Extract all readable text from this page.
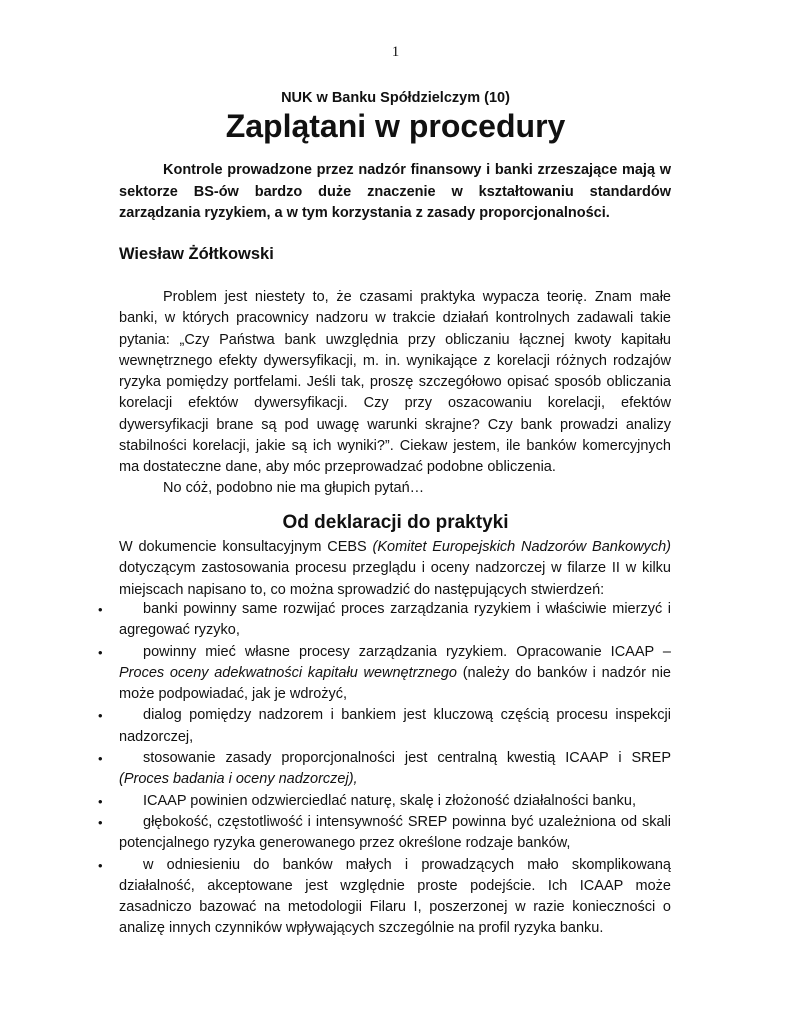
1
NUK w Banku Spółdzielczym (10)
Zaplątani w procedury

Kontrole prowadzone przez nadzór finansowy i banki zrzeszające mają w sektorze BS-ów bardzo duże znaczenie w kształtowaniu standardów zarządzania ryzykiem, a w tym korzystania z zasady proporcjonalności.

Wiesław Żółtkowski

Problem jest niestety to, że czasami praktyka wypacza teorię. Znam małe banki, w których pracownicy nadzoru w trakcie działań kontrolnych zadawali takie pytania: „Czy Państwa bank uwzględnia przy obliczaniu łącznej kwoty kapitału wewnętrznego efekty dywersyfikacji, m. in. wynikające z korelacji różnych rodzajów ryzyka pomiędzy portfelami. Jeśli tak, proszę szczegółowo opisać sposób obliczania korelacji efektów dywersyfikacji. Czy przy oszacowaniu korelacji, efektów dywersyfikacji brane są pod uwagę warunki skrajne? Czy bank prowadzi analizy stabilności korelacji, jakie są ich wyniki?”. Ciekaw jestem, ile banków komercyjnych ma dostateczne dane, aby móc przeprowadzać podobne obliczenia.

No cóż, podobno nie ma głupich pytań…

Od deklaracji do praktyki

W dokumencie konsultacyjnym CEBS (Komitet Europejskich Nadzorów Bankowych) dotyczącym zastosowania procesu przeglądu i oceny nadzorczej w filarze II w kilku miejscach napisano to, co można sprowadzić do następujących stwierdzeń:

•	banki powinny same rozwijać proces zarządzania ryzykiem i właściwie mierzyć i agregować ryzyko,
•	powinny mieć własne procesy zarządzania ryzykiem. Opracowanie ICAAP – Proces oceny adekwatności kapitału wewnętrznego (należy do banków i nadzór nie może podpowiadać, jak je wdrożyć,
•	dialog pomiędzy nadzorem i bankiem jest kluczową częścią procesu inspekcji nadzorczej,
•	stosowanie zasady proporcjonalności jest centralną kwestią ICAAP i SREP (Proces badania i oceny nadzorczej),
•	ICAAP powinien odzwierciedlać naturę, skalę i złożoność działalności banku,
•	głębokość, częstotliwość i intensywność SREP powinna być uzależniona od skali potencjalnego ryzyka generowanego przez określone rodzaje banków,
•	w odniesieniu do banków małych i prowadzących mało skomplikowaną działalność, akceptowane jest względnie proste podejście. Ich ICAAP może zasadniczo bazować na metodologii Filaru I, poszerzonej w razie konieczności o analizę innych czynników wpływających szczególnie na profil ryzyka banku.
